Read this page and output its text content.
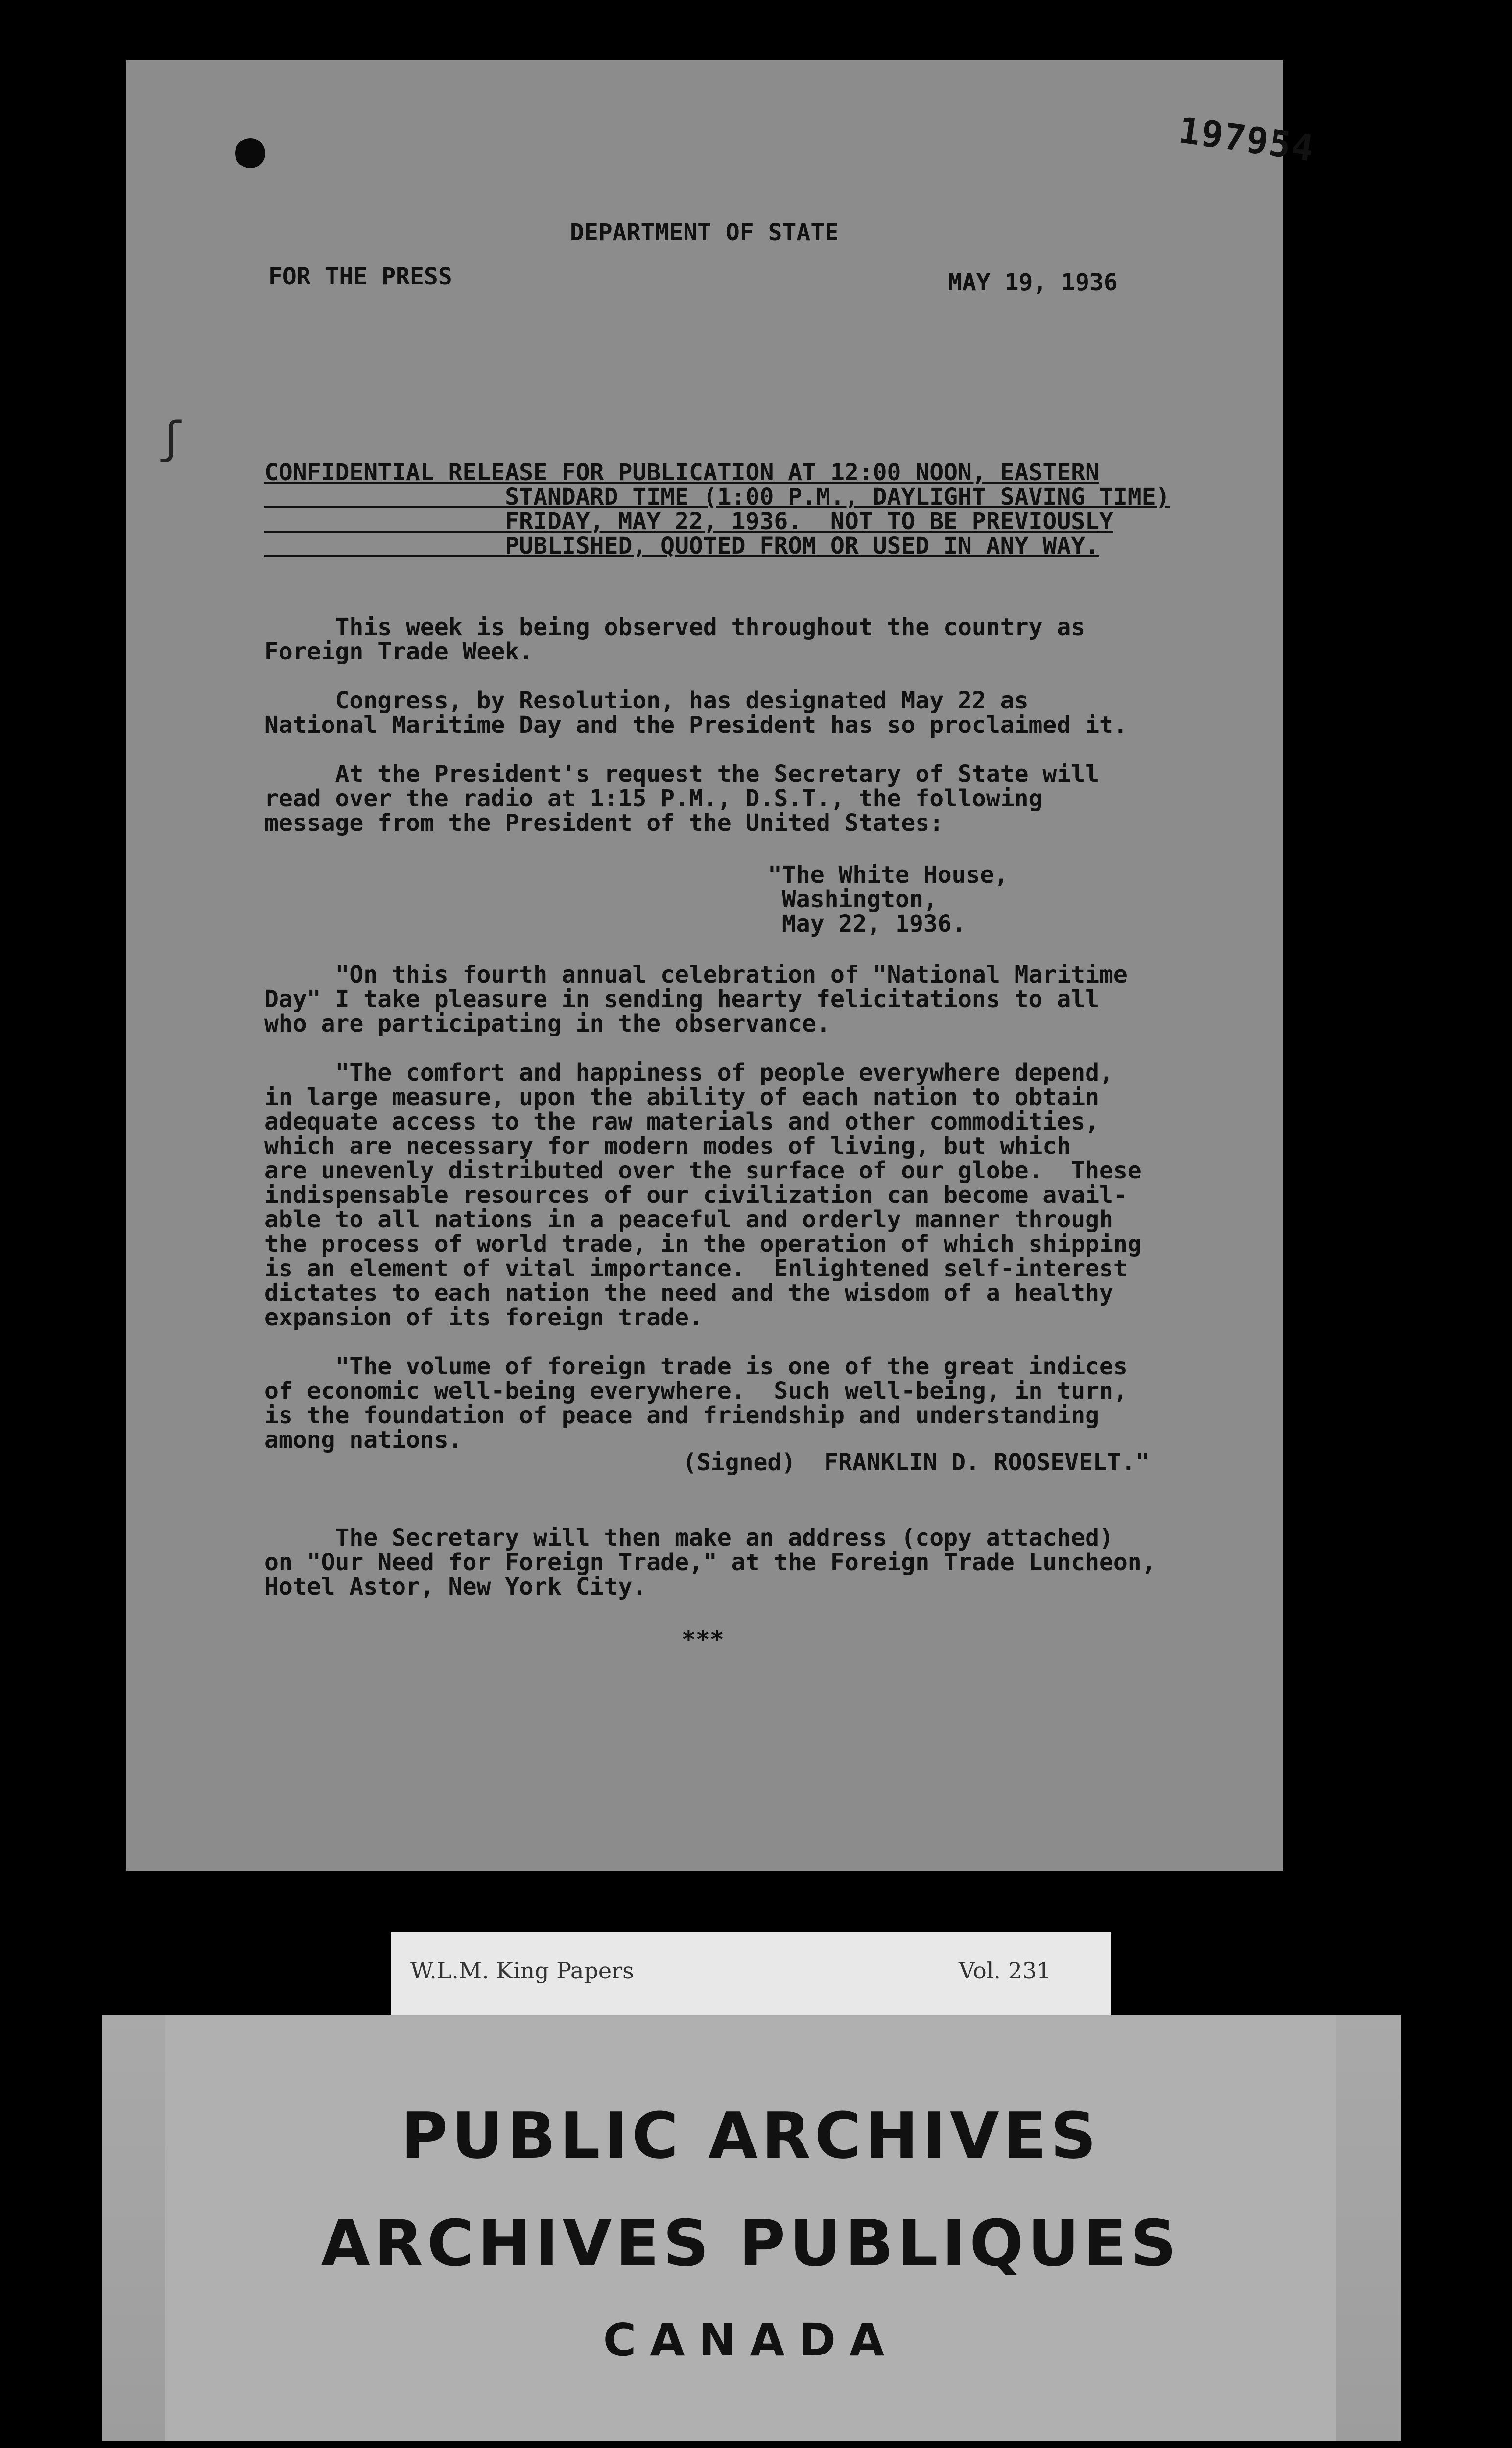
197954
ʃ
DEPARTMENT OF STATE
FOR THE PRESS	MAY 19, 1936
CONFIDENTIAL RELEASE FOR PUBLICATION AT 12:00 NOON, EASTERN
STANDARD TIME (1:00 P.M., DAYLIGHT SAVING TIME)
FRIDAY, MAY 22, 1936.  NOT TO BE PREVIOUSLY
PUBLISHED, QUOTED FROM OR USED IN ANY WAY.
This week is being observed throughout the country as
Foreign Trade Week.
Congress, by Resolution, has designated May 22 as
National Maritime Day and the President has so proclaimed it.
At the President's request the Secretary of State will
read over the radio at 1:15 P.M., D.S.T., the following
message from the President of the United States:
"The White House,
Washington,
May 22, 1936.
"On this fourth annual celebration of "National Maritime
Day" I take pleasure in sending hearty felicitations to all
who are participating in the observance.
"The comfort and happiness of people everywhere depend,
in large measure, upon the ability of each nation to obtain
adequate access to the raw materials and other commodities,
which are necessary for modern modes of living, but which
are unevenly distributed over the surface of our globe.  These
indispensable resources of our civilization can become avail-
able to all nations in a peaceful and orderly manner through
the process of world trade, in the operation of which shipping
is an element of vital importance.  Enlightened self-interest
dictates to each nation the need and the wisdom of a healthy
expansion of its foreign trade.
"The volume of foreign trade is one of the great indices
of economic well-being everywhere.  Such well-being, in turn,
is the foundation of peace and friendship and understanding
among nations.
(Signed)  FRANKLIN D. ROOSEVELT."
The Secretary will then make an address (copy attached)
on "Our Need for Foreign Trade," at the Foreign Trade Luncheon,
Hotel Astor, New York City.
***
W.L.M. King Papers	Vol. 231
PUBLIC ARCHIVES
ARCHIVES PUBLIQUES
CANADA
